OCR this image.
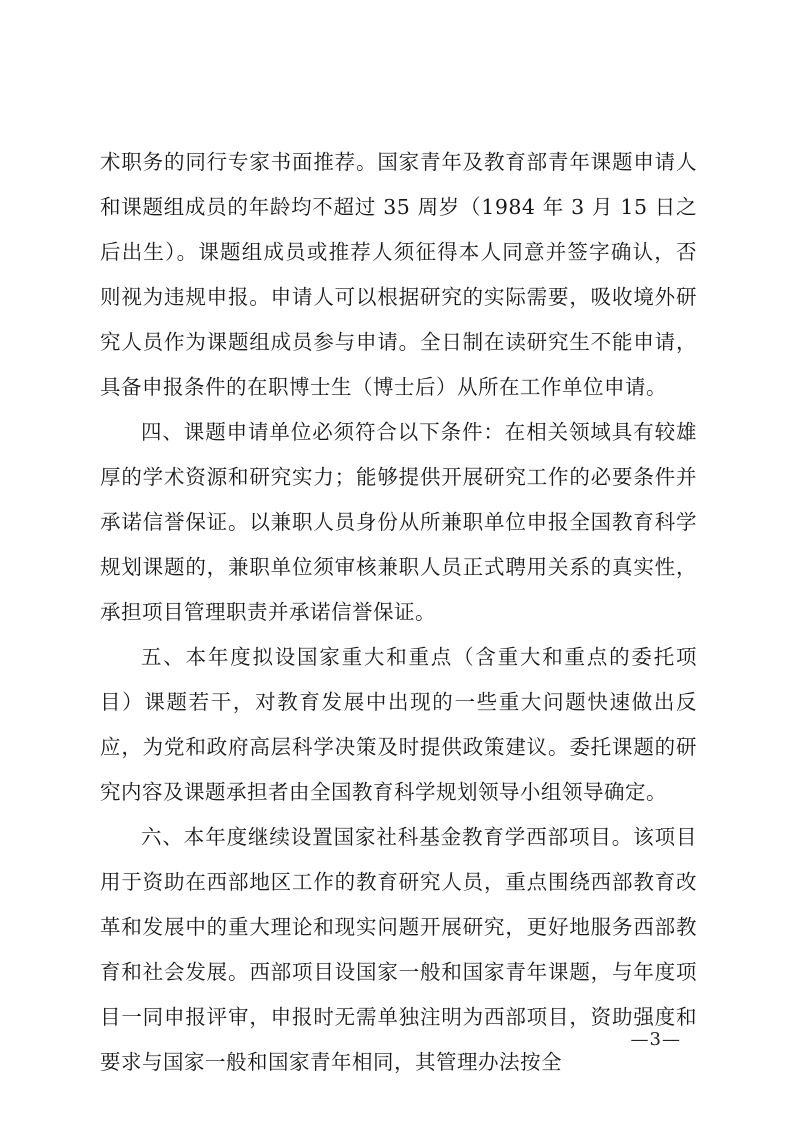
术职务的同行专家书面推荐。国家青年及教育部青年课题申请人和课题组成员的年龄均不超过 35 周岁（1984 年 3 月 15 日之后出生）。课题组成员或推荐人须征得本人同意并签字确认，否则视为违规申报。申请人可以根据研究的实际需要，吸收境外研究人员作为课题组成员参与申请。全日制在读研究生不能申请，具备申报条件的在职博士生（博士后）从所在工作单位申请。

四、课题申请单位必须符合以下条件：在相关领域具有较雄厚的学术资源和研究实力；能够提供开展研究工作的必要条件并承诺信誉保证。以兼职人员身份从所兼职单位申报全国教育科学规划课题的，兼职单位须审核兼职人员正式聘用关系的真实性，承担项目管理职责并承诺信誉保证。

五、本年度拟设国家重大和重点（含重大和重点的委托项目）课题若干，对教育发展中出现的一些重大问题快速做出反应，为党和政府高层科学决策及时提供政策建议。委托课题的研究内容及课题承担者由全国教育科学规划领导小组领导确定。

六、本年度继续设置国家社科基金教育学西部项目。该项目用于资助在西部地区工作的教育研究人员，重点围绕西部教育改革和发展中的重大理论和现实问题开展研究，更好地服务西部教育和社会发展。西部项目设国家一般和国家青年课题，与年度项目一同申报评审，申报时无需单独注明为西部项目，资助强度和要求与国家一般和国家青年相同，其管理办法按全

—3—
